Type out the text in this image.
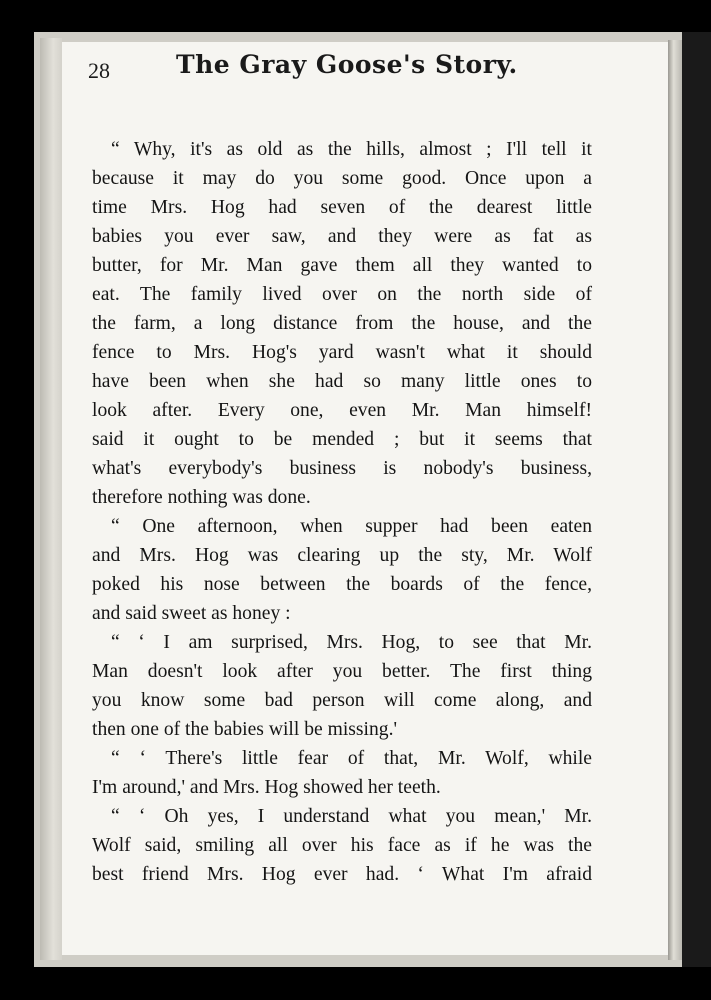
28	The Gray Goose's Story.
“ Why, it's as old as the hills, almost ; I'll tell it
because it may do you some good. Once upon a
time Mrs. Hog had seven of the dearest little
babies you ever saw, and they were as fat as
butter, for Mr. Man gave them all they wanted to
eat. The family lived over on the north side of
the farm, a long distance from the house, and the
fence to Mrs. Hog's yard wasn't what it should
have been when she had so many little ones to
look after. Every one, even Mr. Man himself!
said it ought to be mended ; but it seems that
what's everybody's business is nobody's business,
therefore nothing was done.
“ One afternoon, when supper had been eaten
and Mrs. Hog was clearing up the sty, Mr. Wolf
poked his nose between the boards of the fence,
and said sweet as honey :
“ ‘ I am surprised, Mrs. Hog, to see that Mr.
Man doesn't look after you better. The first thing
you know some bad person will come along, and
then one of the babies will be missing.'
“ ‘ There's little fear of that, Mr. Wolf, while
I'm around,' and Mrs. Hog showed her teeth.
“ ‘ Oh yes, I understand what you mean,' Mr.
Wolf said, smiling all over his face as if he was the
best friend Mrs. Hog ever had. ‘ What I'm afraid
